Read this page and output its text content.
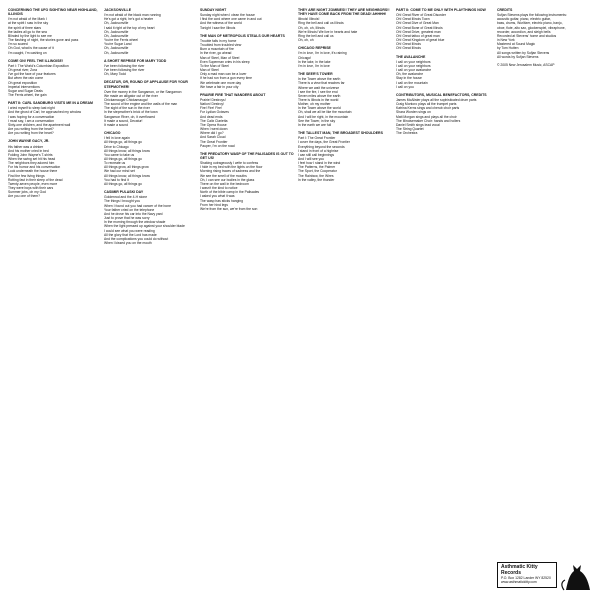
CONCERNING THE UFO SIGHTING NEAR HIGHLAND, ILLINOIS
I'm not afraid of the Mark I
at the spirit I saw in the sky
the spirit of three stars
the ladies all go to the sea
Blinded by the light to see me
The flashing of night, the stories gone and pass
I'm so scared
Oh God, what is the cause of it
I'm caught, I'm cashing on
COME ON! FEEL THE ILLINOISE!
Part I: The World's Columbian Exposition
Oh great river, Zora
I've got the face of your features
But when the rain come
Oh great exposition
Imperial interventions
Sugar and Sugar Deals
The Ferris wheel, the gain
PART II: CARL SANDBURG VISITS ME IN A DREAM
I cried myself to sleep last night
And the ghost of Carl, he approached my window
I was hoping for a conversation
I must say, I am a conversation
Sixty-one children, and the apartment wall
Are you writing from the heart?
Are you writing from the heart?
JOHN WAYNE GACY, JR.
His father was a drinker
And his mother cried in bed
Folding John Wayne's T-shirts
When the swing set hit his head
The neighbors they adored him
For his humor and his conversation
Look underneath the house there
Find the few living things
Rotting fast in their sleep of the dead
Twenty-seven people, even more
They were boys with their cars
Summer jobs, oh my God
Are you one of them?
JACKSONVILLE
I'm not afraid of the black man running
He's got a right, he's got a heater
Oh, Jacksonville
I said it right at the top of my heart
Oh, Jacksonville
Oh, Jacksonville
You're the Ferris wheel
You're Sugar Land
Oh, Jacksonville
Oh, Jacksonville
A SHORT REPRISE FOR MARY TODD
I've been following the river
I've been following the river
Oh, Mary Todd
DECATUR, OR, ROUND OF APPLAUSE FOR YOUR STEPMOTHER!
Over the money in the Sangamon, or the Sangamon
We made an alligator out of the river
Chickamauga! Chickamauga!
The sound of the engine and the walls of the man
The sight of the sun in the river
In the stepmother's brick of the town
Sangamon River, oh, it overflowed
It made a sound, Decatur!
It made a sound
CHICAGO
I fell in love again
All things go, all things go
Drive to Chicago
All things know, all things know
You came to take us
All things go, all things go
To recreate us
All things grow, all things grow
We had our mind set
All things know, all things know
You had to find it
All things go, all things go
CASIMIR PULASKI DAY
Goldenrod and the 4-H stone
The things I brought you
When I found out you had cancer of the bone
Your father cried on the telephone
And he drove his car into the Navy yard
Just to prove that he was sorry
In the morning through the window shade
When the light pressed up against your shoulder blade
I could see what you were reading
All the glory that the Lord has made
And the complications you could do without
When I kissed you on the mouth
SUNDAY NIGHT
Sunday night when I clean the house
I find the cord where one came in and out
And the witness of the world
Tonight I saw the Illinois
THE MAN OF METROPOLIS STEALS OUR HEARTS
Trouble falls in my home
Troubled from troubled view
Burn a mountain of fire
In the river, go ahead
Man of Steel, Man of Steel
Even Superman cries in his sleep
To the Man of Steel
Man of Steel
Only a mad man can be a lover
If he had run from a gun every time
We celebrate one more day
We have a fair in your city
PRAIRIE FIRE THAT WANDERS ABOUT
Prairie! Destroys!
Nation! Destroy!
Fire! Fire! Fire!
For Lydian Octaves
And dead ends
The Calix Clarietta
The Opera House
When I went down
Where did I go?
And Sarah Cloud
The Great Frontier
Pauper, I'm on the road
THE PREDATORY WASP OF THE PALISADES IS OUT TO GET US!
Shaking outrageously I write to confess
I hide in my bed with the lights on the floor
Morning rising traces of sadness and the
We see the smell of the mouths
Oh, I can see our bodies in the glass
There on the wall in the bedroom
I wasn't the kind to notice
North of the bible camp in the Palisades
I asked you what it was
The wasp has sticks hanging
From her hind legs
We're from the sun, we're from the son
THEY ARE NIGHT ZOMBIES!! THEY ARE NEIGHBORS!! THEY HAVE COME BACK FROM THE DEAD! AHHHH!
Illinois! Illinois!
Ring the bell and call us Illinois
Oh, oh, oh, Illinois
We're Illinois! We live in hearts and hate
Ring the bell and call us
Oh, oh, oh
CHICAGO REPRISE
I'm in love, I'm in love, it's raining
Chicago!
In the lake, in the lake
I'm in love, I'm in love
THE SEER'S TOWER
In the Tower above the earth
There is a view that reaches far
Where we wait the universe
I see the fire, I see the end
Seven miles above the earth
There is Illinois in the world
Mother, oh my mother
In the Tower above the world
Oh, shall we all be like the mountain
And I will be right, in the mountain
See the Tower, in the sky
In the earth we are full
THE TALLEST MAN, THE BROADEST SHOULDERS
Part I: The Great Frontier
I cover the days, the Great Frontier
Everything beyond the seconds
I stand in front of a highrise
I can still call beginnings
And I will see you
I feel how I stand in the wind
The Patterns, the Palmer
The Sport, the Cooperator
The Rainbow, the Wires
In the valley, the thunder
PART II: COME TO ME ONLY WITH PLAYTHINGS NOW
Oh! Great River of Great Disorder
Oh! Great Illinois Town
Oh! Great Dive of Great Man
Oh! Great Bone of Great Illinois
Oh! Great Drive, greatest man
Oh! Great tattoo of great man
Oh! Great Kingdom of great blue
Oh! Great Illinois
Oh! Great Illinois
THE AVALANCHE
I call on your neighbors
I call on your neighbors
I call on your avalanche
Oh, the avalanche
Stay in the house
I call on the mountain
I call on you
CONTRIBUTORS, MUSICAL BENEFACTORS, CREDITS
James McAlister plays all the sophisticated drum parts
Craig Montoro plays all the trumpet parts
Katrina Kerns sings and cherub choir parts
Shara Worden sings on
Matt Morgan sings and plays all the choir
The Illinoisemaker Choir: hands and hollers
Daniel Smith sings lead vocal
The String Quartet
The Orchestra
CREDITS
Sufjan Stevens plays the following instruments:
acoustic guitar, piano, electric guitar,
bass, drums, Wurlitzer, electric piano, banjo,
oboe, flute, alto sax, glockenspiel, vibraphone,
recorder, accordion, and sleigh bells
Recorded at Stevens' home and studios
in New York
Mastered at Sound Magic
by Tom Hutten
All songs written by Sufjan Stevens
All words by Sufjan Stevens
© 2005 New Jerusalem Music, ASCAP
Asthmatic Kitty Records
P.O. Box 1282 Lander WY 82520
www.asthmatickitty.com
